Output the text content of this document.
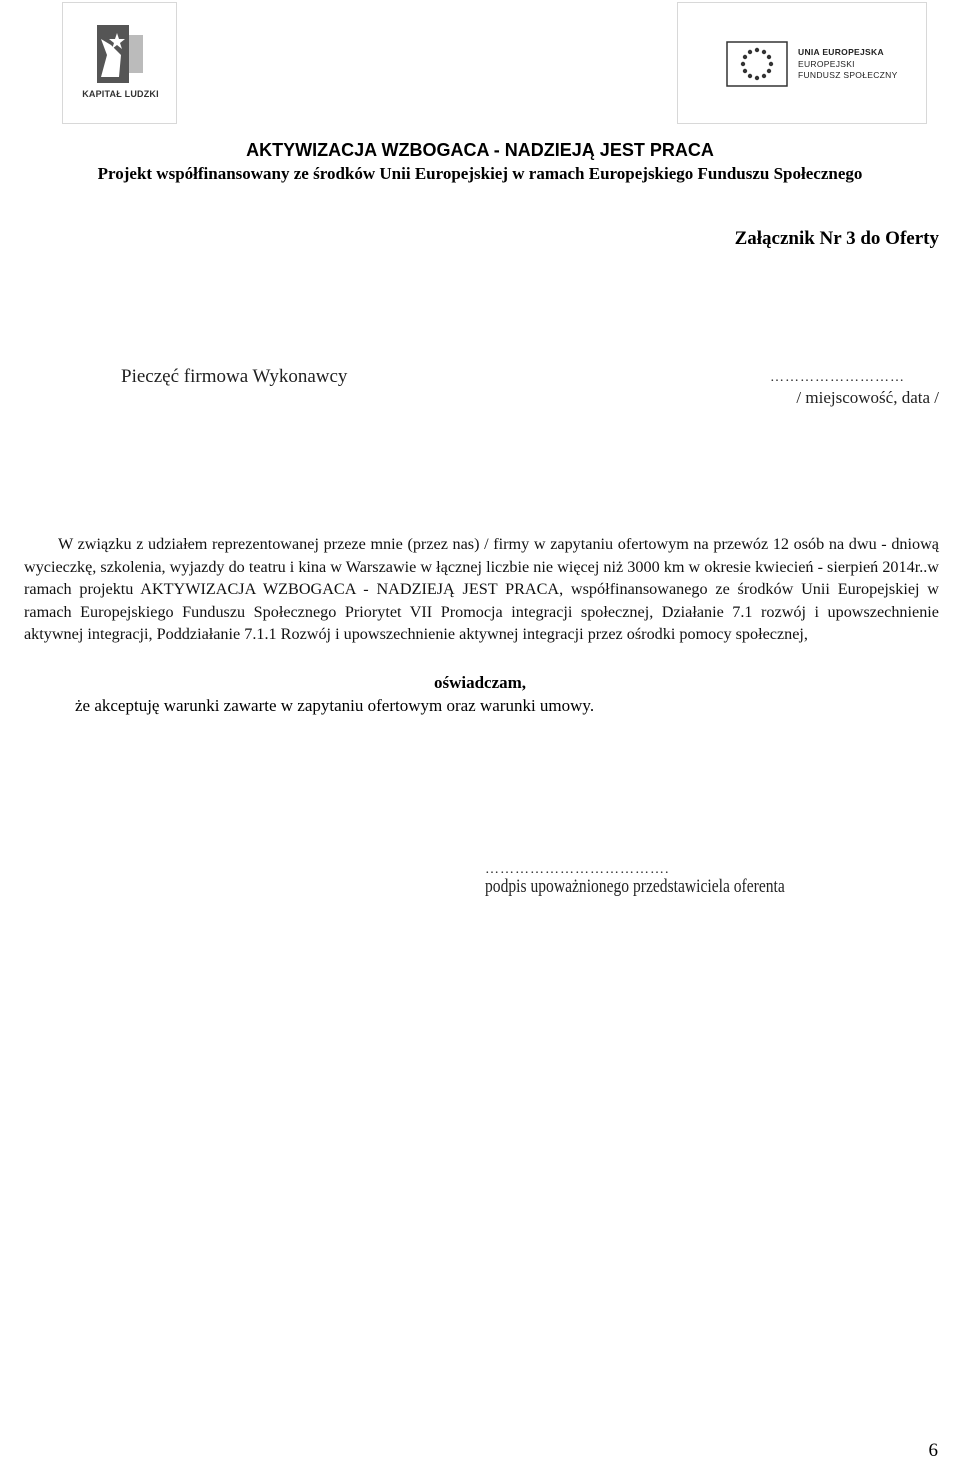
KAPITAŁ LUDZKI
UNIA EUROPEJSKA
EUROPEJSKI
FUNDUSZ SPOŁECZNY
AKTYWIZACJA WZBOGACA - NADZIEJĄ JEST PRACA
Projekt współfinansowany ze środków Unii Europejskiej w ramach Europejskiego Funduszu Społecznego
Załącznik Nr 3 do Oferty
Pieczęć firmowa Wykonawcy	………………………
/ miejscowość, data /
W związku z udziałem reprezentowanej przeze mnie (przez nas) / firmy w zapytaniu ofertowym na przewóz 12 osób na dwu - dniową wycieczkę, szkolenia, wyjazdy do teatru i kina w Warszawie w łącznej liczbie nie więcej niż 3000 km w okresie kwiecień - sierpień 2014r..w ramach projektu AKTYWIZACJA WZBOGACA - NADZIEJĄ JEST PRACA, współfinansowanego ze środków Unii Europejskiej w ramach Europejskiego Funduszu Społecznego Priorytet VII Promocja integracji społecznej, Działanie 7.1 rozwój i upowszechnienie aktywnej integracji, Poddziałanie 7.1.1 Rozwój i upowszechnienie aktywnej integracji przez ośrodki pomocy społecznej,
oświadczam,
że akceptuję warunki zawarte w zapytaniu ofertowym oraz warunki umowy.
……………………………….
podpis upoważnionego przedstawiciela oferenta
6
